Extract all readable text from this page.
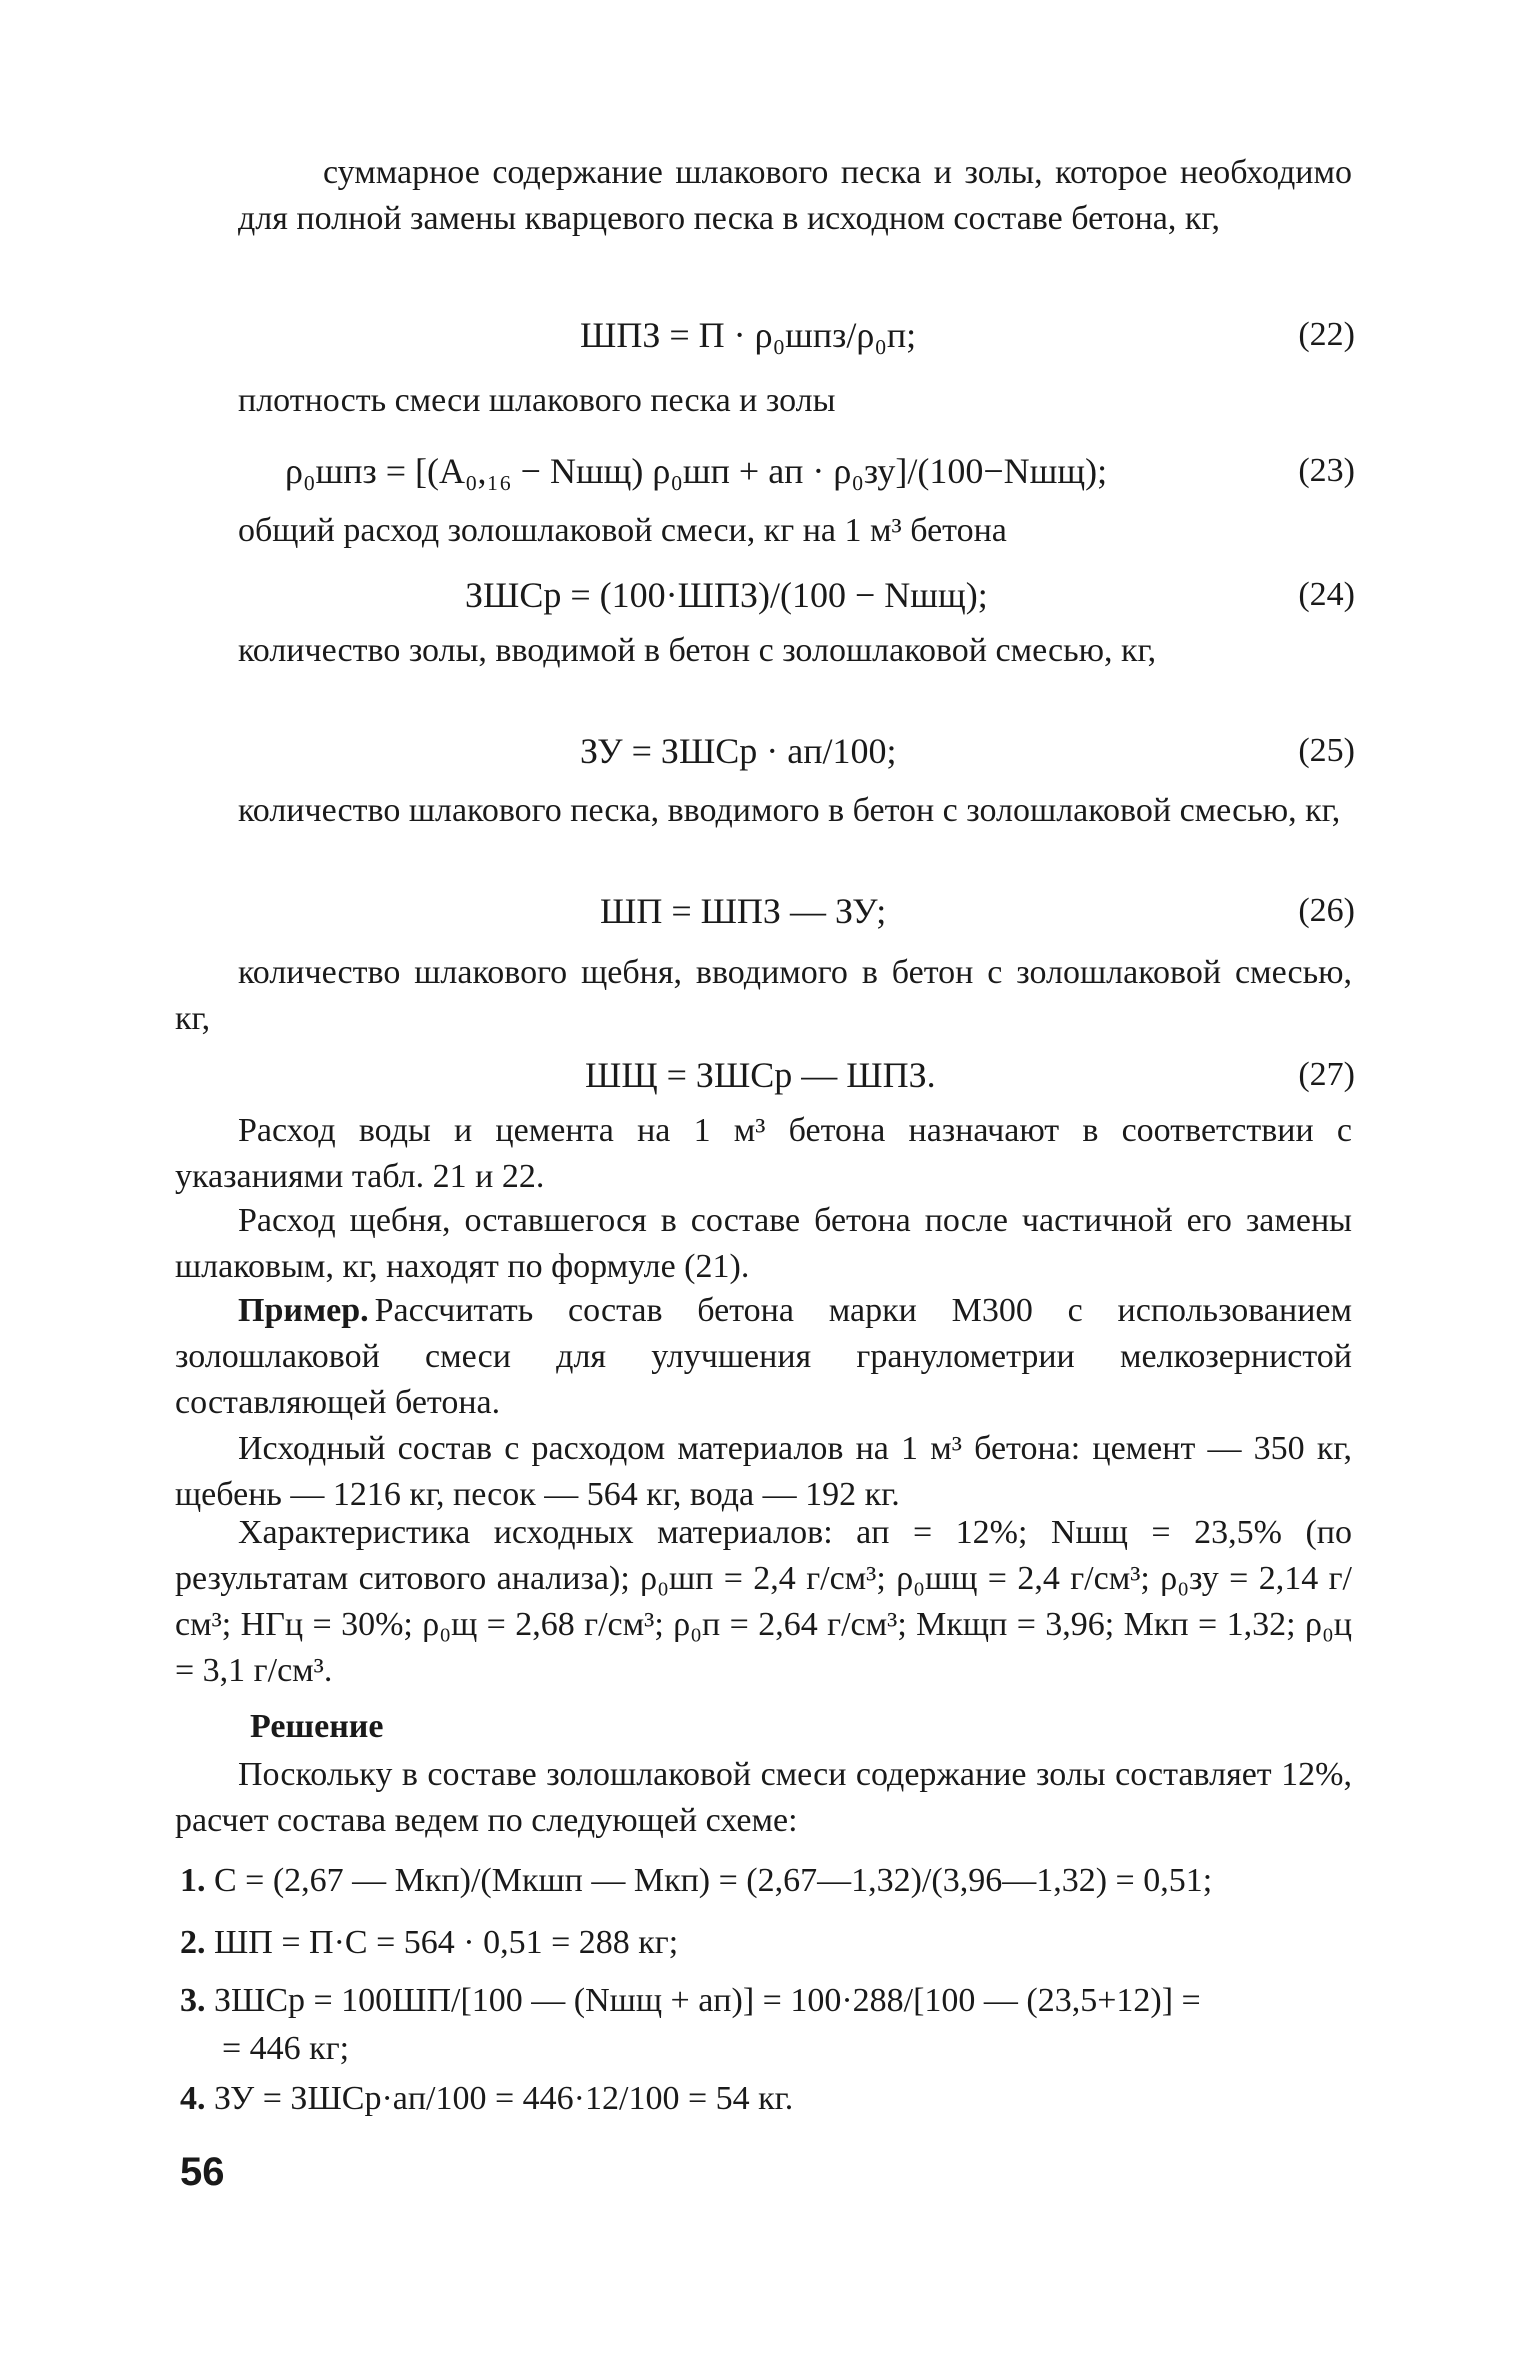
суммарное содержание шлакового песка и золы, которое необходимо для полной замены кварцевого песка в исходном составе бетона, кг,
ШПЗ = П · ρ₀шпз/ρ₀п;	(22)
плотность смеси шлакового песка и золы
ρ₀шпз = [(A₀,₁₆ − Nшщ) ρ₀шп + aп · ρ₀зу]/(100−Nшщ);	(23)
общий расход золошлаковой смеси, кг на 1 м³ бетона
ЗШСр = (100·ШПЗ)/(100 − Nшщ);	(24)
количество золы, вводимой в бетон с золошлаковой смесью, кг,
ЗУ = ЗШСр · aп/100;	(25)
количество шлакового песка, вводимого в бетон с золошлаковой смесью, кг,
ШП = ШПЗ — ЗУ;	(26)
количество шлакового щебня, вводимого в бетон с золошлаковой смесью, кг,
ШЩ = ЗШСр — ШПЗ.	(27)
Расход воды и цемента на 1 м³ бетона назначают в соответствии с указаниями табл. 21 и 22.
Расход щебня, оставшегося в составе бетона после частичной его замены шлаковым, кг, находят по формуле (21).
Пример. Рассчитать состав бетона марки М300 с использованием золошлаковой смеси для улучшения гранулометрии мелкозернистой составляющей бетона.
Исходный состав с расходом материалов на 1 м³ бетона: цемент — 350 кг, щебень — 1216 кг, песок — 564 кг, вода — 192 кг.
Характеристика исходных материалов: aп = 12%; Nшщ = 23,5% (по результатам ситового анализа); ρ₀шп = 2,4 г/см³; ρ₀шщ = 2,4 г/см³; ρ₀зу = 2,14 г/см³; НГц = 30%; ρ₀щ = 2,68 г/см³; ρ₀п = 2,64 г/см³; Mкщп = 3,96; Mкп = 1,32; ρ₀ц = 3,1 г/см³.
Решение
Поскольку в составе золошлаковой смеси содержание золы составляет 12%, расчет состава ведем по следующей схеме:
1. С = (2,67 — Mкп)/(Mкшп — Mкп) = (2,67—1,32)/(3,96—1,32) = 0,51;
2. ШП = П·С = 564 · 0,51 = 288 кг;
3. ЗШСр = 100ШП/[100 — (Nшщ + aп)] = 100·288/[100 — (23,5+12)] =
= 446 кг;
4. ЗУ = ЗШСр·aп/100 = 446·12/100 = 54 кг.
56
